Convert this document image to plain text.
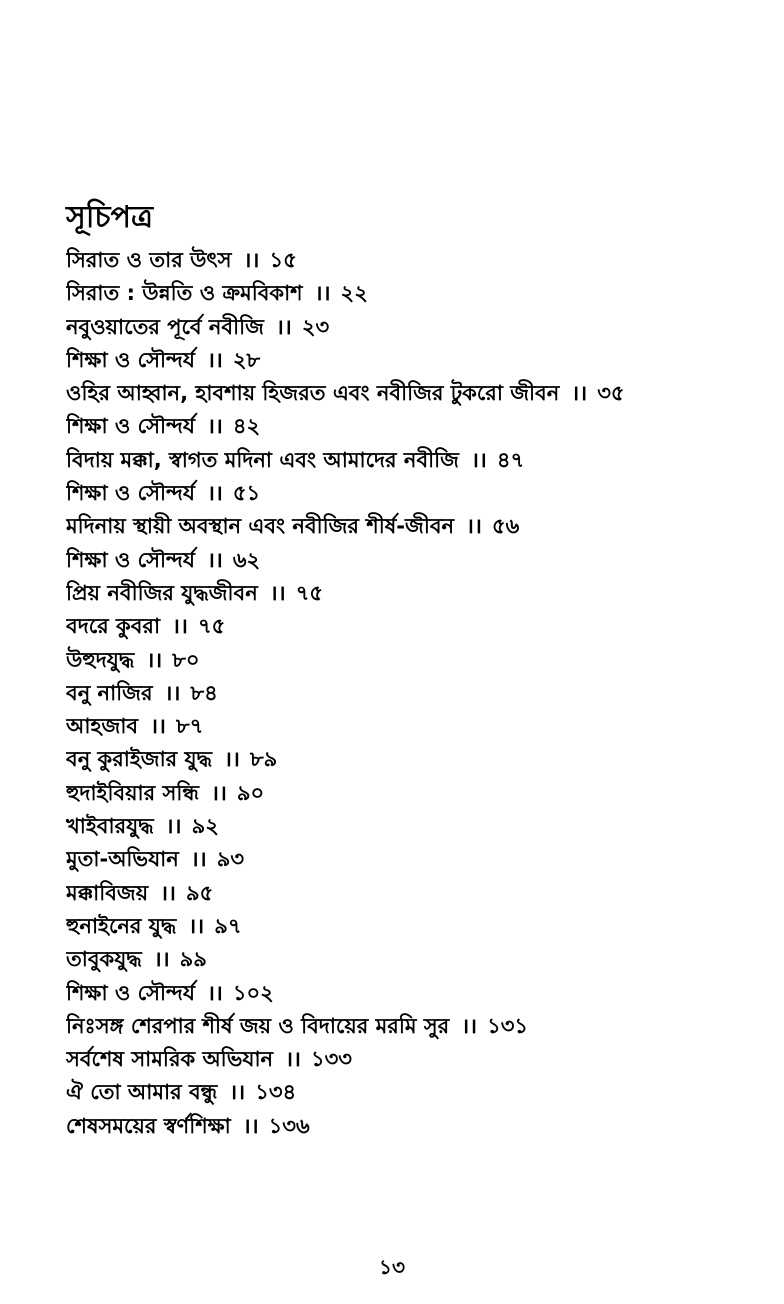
সূচিপত্র
সিরাত ও তার উৎস ।। ১৫
সিরাত : উন্নতি ও ক্রমবিকাশ ।। ২২
নবুওয়াতের পূর্বে নবীজি ।। ২৩
শিক্ষা ও সৌন্দর্য ।। ২৮
ওহির আহ্বান, হাবশায় হিজরত এবং নবীজির টুকরো জীবন ।। ৩৫
শিক্ষা ও সৌন্দর্য ।। ৪২
বিদায় মক্কা, স্বাগত মদিনা এবং আমাদের নবীজি ।। ৪৭
শিক্ষা ও সৌন্দর্য ।। ৫১
মদিনায় স্থায়ী অবস্থান এবং নবীজির শীর্ষ-জীবন ।। ৫৬
শিক্ষা ও সৌন্দর্য ।। ৬২
প্রিয় নবীজির যুদ্ধজীবন ।। ৭৫
বদরে কুবরা ।। ৭৫
উহুদযুদ্ধ ।। ৮০
বনু নাজির ।। ৮৪
আহজাব ।। ৮৭
বনু কুরাইজার যুদ্ধ ।। ৮৯
হুদাইবিয়ার সন্ধি ।। ৯০
খাইবারযুদ্ধ ।। ৯২
মুতা-অভিযান ।। ৯৩
মক্কাবিজয় ।। ৯৫
হুনাইনের যুদ্ধ ।। ৯৭
তাবুকযুদ্ধ ।। ৯৯
শিক্ষা ও সৌন্দর্য ।। ১০২
নিঃসঙ্গ শেরপার শীর্ষ জয় ও বিদায়ের মরমি সুর ।। ১৩১
সর্বশেষ সামরিক অভিযান ।। ১৩৩
ঐ তো আমার বন্ধু ।। ১৩৪
শেষসময়ের স্বর্ণশিক্ষা ।। ১৩৬
১৩
